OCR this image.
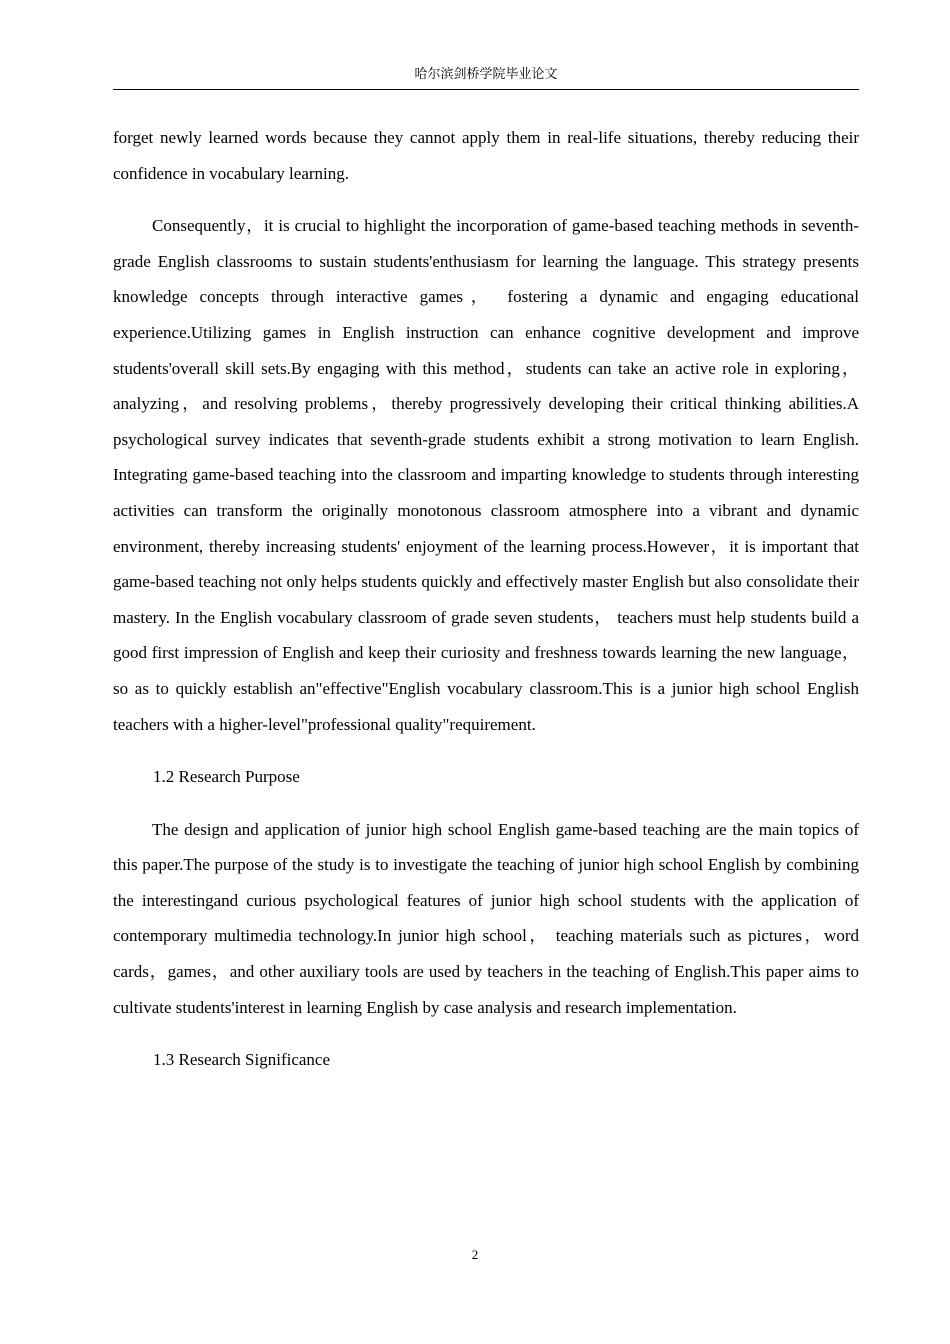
哈尔滨剑桥学院毕业论文

forget newly learned words because they cannot apply them in real-life situations, thereby reducing their confidence in vocabulary learning.

Consequently，it is crucial to highlight the incorporation of game-based teaching methods in seventh-grade English classrooms to sustain students'enthusiasm for learning the language. This strategy presents knowledge concepts through interactive games， fostering a dynamic and engaging educational experience.Utilizing games in English instruction can enhance cognitive development and improve students'overall skill sets.By engaging with this method，students can take an active role in exploring，analyzing，and resolving problems，thereby progressively developing their critical thinking abilities.A psychological survey indicates that seventh-grade students exhibit a strong motivation to learn English. Integrating game-based teaching into the classroom and imparting knowledge to students through interesting activities can transform the originally monotonous classroom atmosphere into a vibrant and dynamic environment, thereby increasing students' enjoyment of the learning process.However，it is important that game-based teaching not only helps students quickly and effectively master English but also consolidate their mastery. In the English vocabulary classroom of grade seven students， teachers must help students build a good first impression of English and keep their curiosity and freshness towards learning the new language， so as to quickly establish an"effective"English vocabulary classroom.This is a junior high school English teachers with a higher-level"professional quality"requirement.

1.2 Research Purpose

The design and application of junior high school English game-based teaching are the main topics of this paper.The purpose of the study is to investigate the teaching of junior high school English by combining the interestingand curious psychological features of junior high school students with the application of contemporary multimedia technology.In junior high school， teaching materials such as pictures，word cards，games，and other auxiliary tools are used by teachers in the teaching of English.This paper aims to cultivate students'interest in learning English by case analysis and research implementation.

1.3 Research Significance
2
